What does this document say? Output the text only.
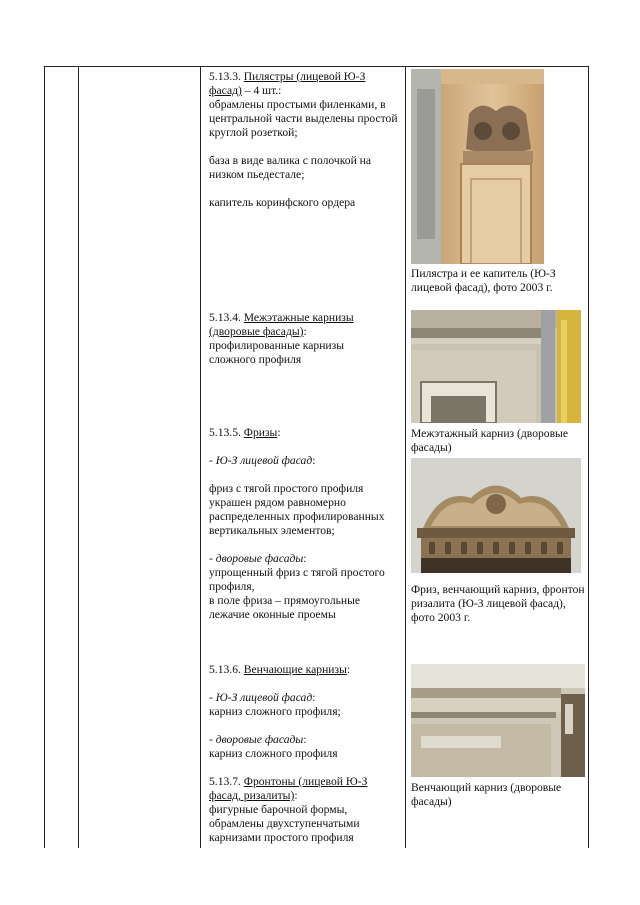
5.13.3. Пилястры (лицевой Ю-З фасад) – 4 шт.:

обрамлены простыми филенками, в центральной части выделены простой круглой розеткой;

база в виде валика с полочкой на низком пьедестале;

капитель коринфского ордера

5.13.4. Межэтажные карнизы (дворовые фасады):

профилированные карнизы сложного профиля

5.13.5. Фризы:

- Ю-З лицевой фасад:

фриз с тягой простого профиля украшен рядом равномерно распределенных профилированных вертикальных элементов;

- дворовые фасады:

упрощенный фриз с тягой простого профиля,

в поле фриза – прямоугольные лежачие оконные проемы

5.13.6. Венчающие карнизы:

- Ю-З лицевой фасад:

карниз сложного профиля;

- дворовые фасады:

карниз сложного профиля

5.13.7. Фронтоны (лицевой Ю-З фасад, ризалиты):

фигурные барочной формы, обрамлены двухступенчатыми карнизами простого профиля

Пилястра и ее капитель (Ю-З лицевой фасад), фото 2003 г.
Межэтажный карниз (дворовые фасады)
Фриз, венчающий карниз, фронтон ризалита (Ю-З лицевой фасад), фото 2003 г.
Венчающий карниз (дворовые фасады)
